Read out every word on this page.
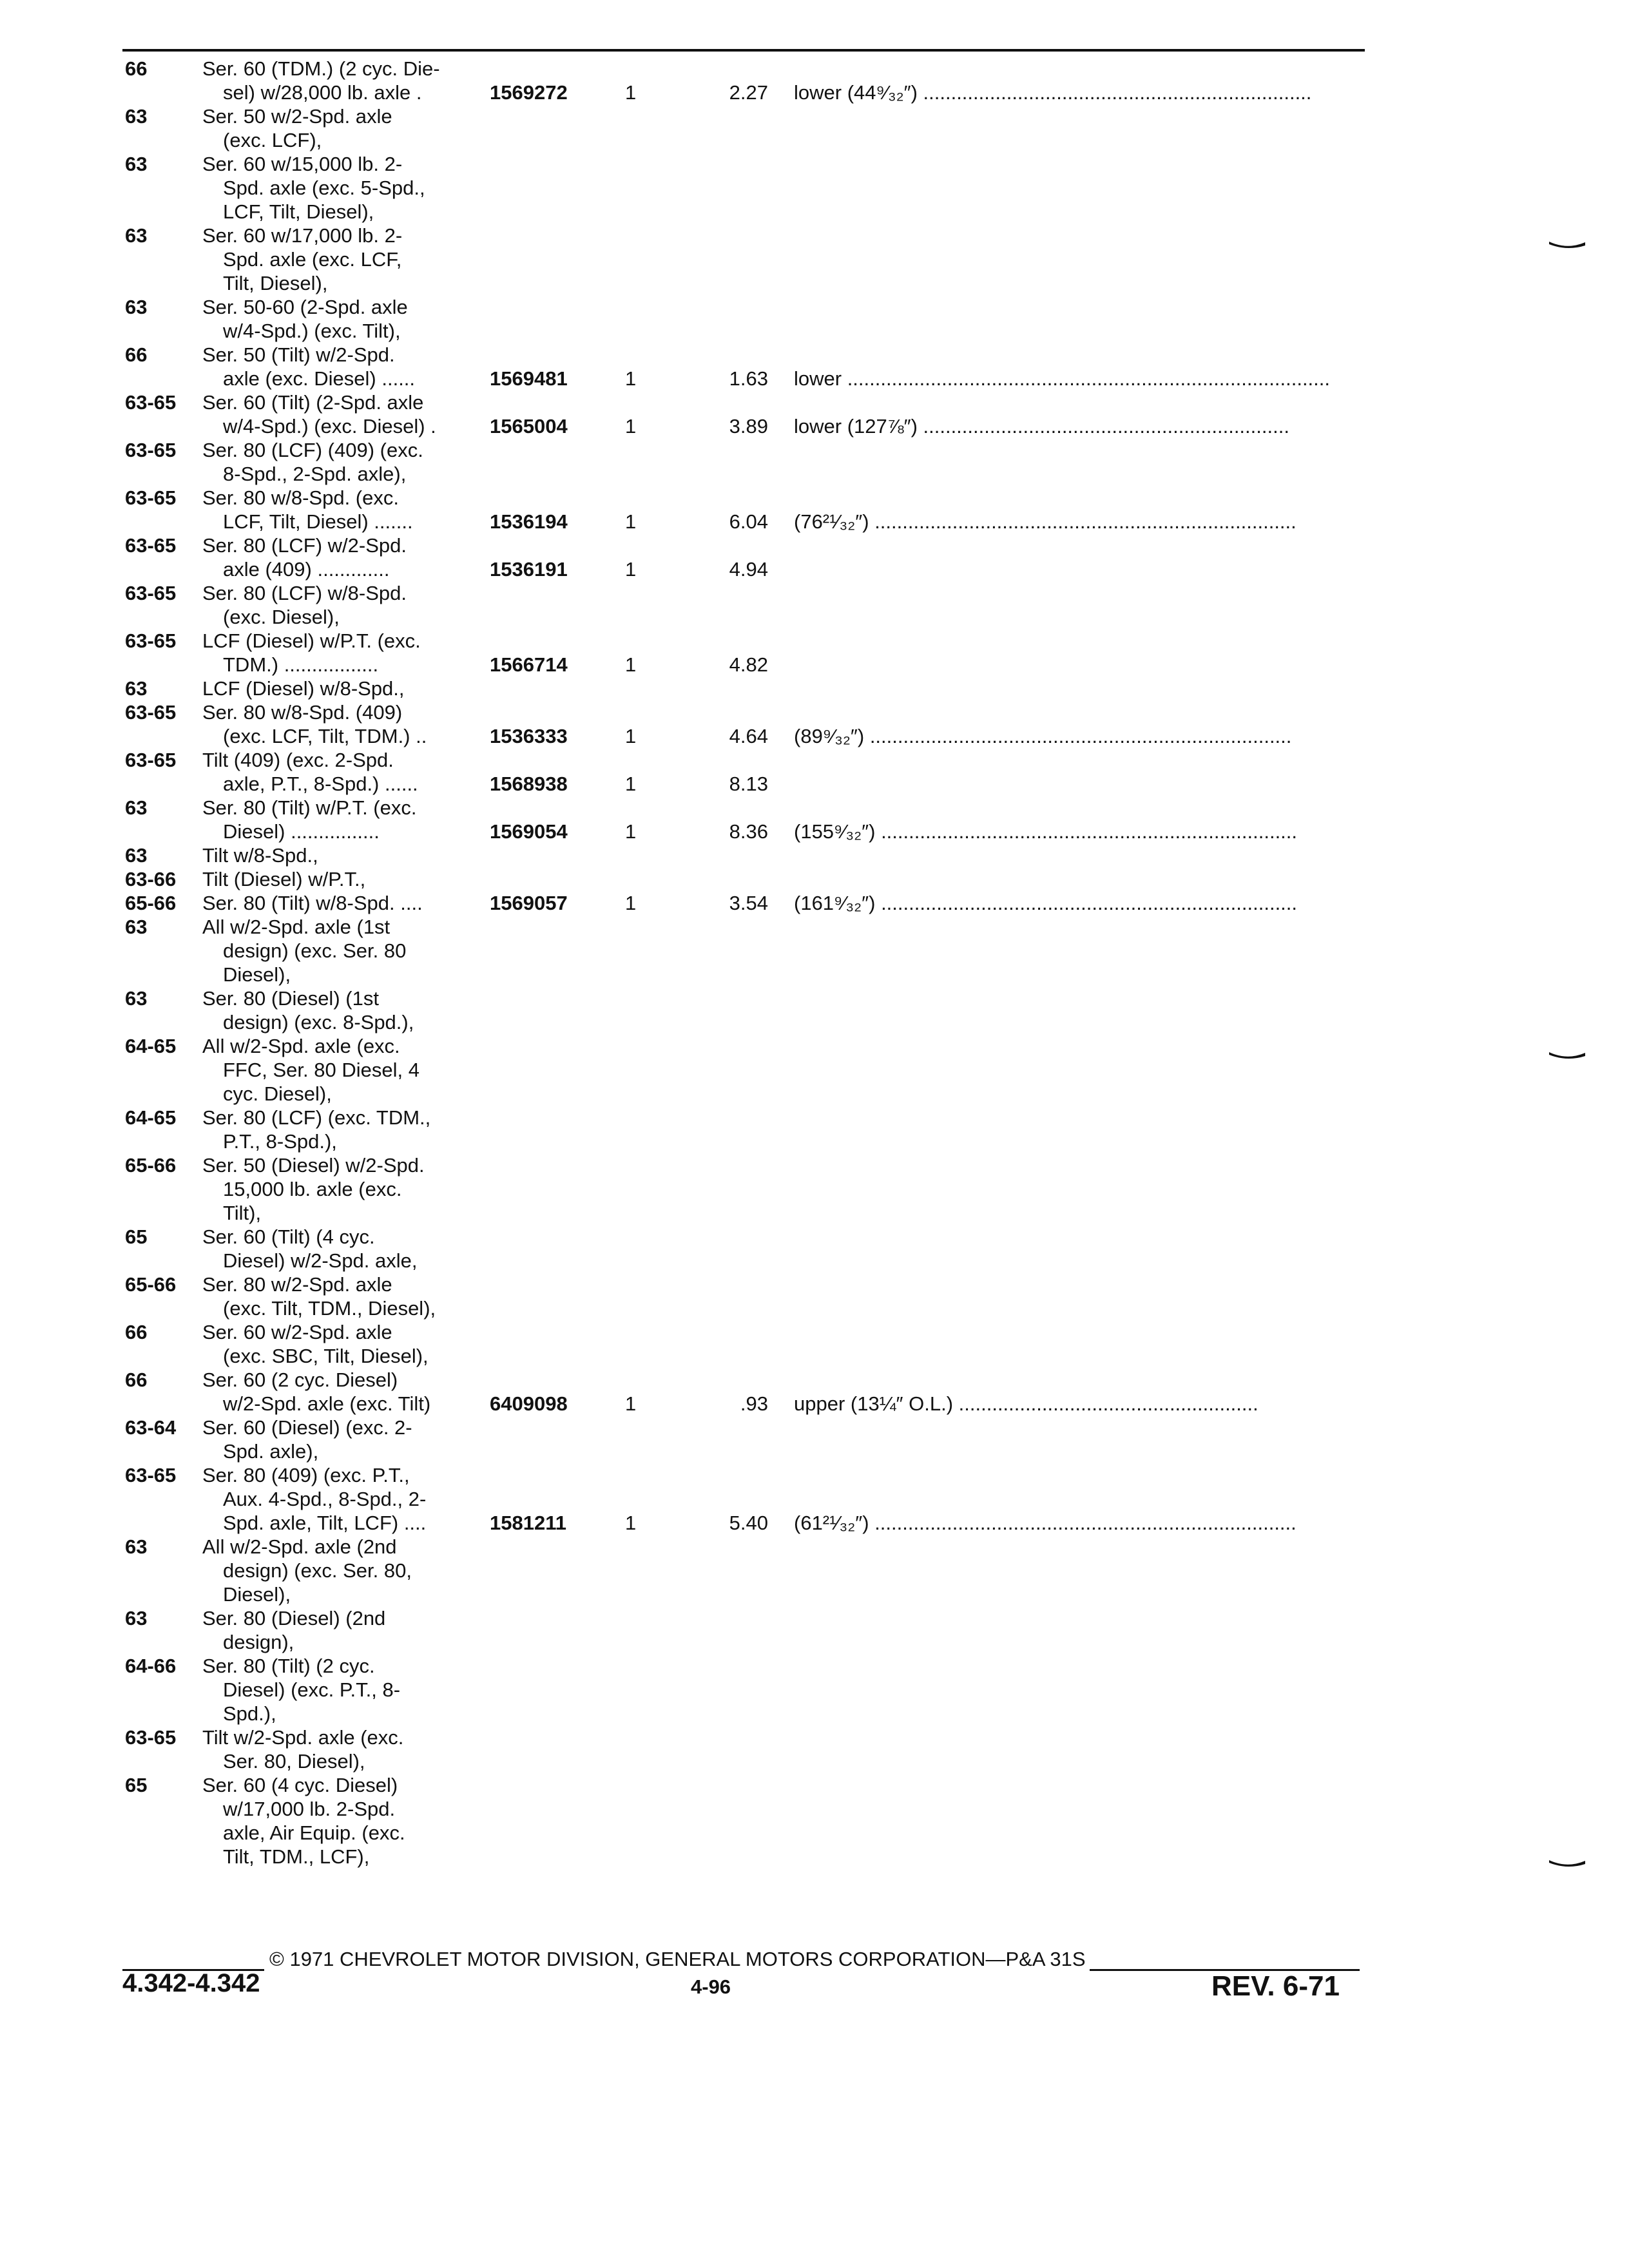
66	Ser. 60 (TDM.) (2 cyc. Die-
sel) w/28,000 lb. axle .	1569272	1	2.27 lower (44⁹⁄₃₂″) ......................................................................
63	Ser. 50 w/2-Spd. axle
(exc. LCF),
63	Ser. 60 w/15,000 lb. 2-
Spd. axle (exc. 5-Spd.,
LCF, Tilt, Diesel),
63	Ser. 60 w/17,000 lb. 2-
Spd. axle (exc. LCF,
Tilt, Diesel),
63	Ser. 50-60 (2-Spd. axle
w/4-Spd.) (exc. Tilt),
66	Ser. 50 (Tilt) w/2-Spd.
axle (exc. Diesel) ......	1569481	1	1.63 lower .......................................................................................
63-65 Ser. 60 (Tilt) (2-Spd. axle
w/4-Spd.) (exc. Diesel) .	1565004	1	3.89 lower (127⅞″) ..................................................................
63-65 Ser. 80 (LCF) (409) (exc.
8-Spd., 2-Spd. axle),
63-65 Ser. 80 w/8-Spd. (exc.
LCF, Tilt, Diesel) .......	1536194	1	6.04 (76²¹⁄₃₂″) ............................................................................
63-65 Ser. 80 (LCF) w/2-Spd.
axle (409) .............	1536191	1	4.94
63-65 Ser. 80 (LCF) w/8-Spd.
(exc. Diesel),
63-65 LCF (Diesel) w/P.T. (exc.
TDM.) .................	1566714	1	4.82
63	LCF (Diesel) w/8-Spd.,
63-65 Ser. 80 w/8-Spd. (409)
(exc. LCF, Tilt, TDM.) ..	1536333	1	4.64 (89⁹⁄₃₂″) ............................................................................
63-65 Tilt (409) (exc. 2-Spd.
axle, P.T., 8-Spd.) ......	1568938	1	8.13
63	Ser. 80 (Tilt) w/P.T. (exc.
Diesel) ................	1569054	1	8.36 (155⁹⁄₃₂″) ...........................................................................
63	Tilt w/8-Spd.,
63-66 Tilt (Diesel) w/P.T.,
65-66 Ser. 80 (Tilt) w/8-Spd. ....	1569057	1	3.54 (161⁹⁄₃₂″) ...........................................................................
63	All w/2-Spd. axle (1st
design) (exc. Ser. 80
Diesel),
63	Ser. 80 (Diesel) (1st
design) (exc. 8-Spd.),
64-65 All w/2-Spd. axle (exc.
FFC, Ser. 80 Diesel, 4
cyc. Diesel),
64-65 Ser. 80 (LCF) (exc. TDM.,
P.T., 8-Spd.),
65-66 Ser. 50 (Diesel) w/2-Spd.
15,000 lb. axle (exc.
Tilt),
65	Ser. 60 (Tilt) (4 cyc.
Diesel) w/2-Spd. axle,
65-66 Ser. 80 w/2-Spd. axle
(exc. Tilt, TDM., Diesel),
66	Ser. 60 w/2-Spd. axle
(exc. SBC, Tilt, Diesel),
66	Ser. 60 (2 cyc. Diesel)
w/2-Spd. axle (exc. Tilt)	6409098	1	.93 upper (13¼″ O.L.) ......................................................
63-64 Ser. 60 (Diesel) (exc. 2-
Spd. axle),
63-65 Ser. 80 (409) (exc. P.T.,
Aux. 4-Spd., 8-Spd., 2-
Spd. axle, Tilt, LCF) ....	1581211	1	5.40 (61²¹⁄₃₂″) ............................................................................
63	All w/2-Spd. axle (2nd
design) (exc. Ser. 80,
Diesel),
63	Ser. 80 (Diesel) (2nd
design),
64-66 Ser. 80 (Tilt) (2 cyc.
Diesel) (exc. P.T., 8-
Spd.),
63-65 Tilt w/2-Spd. axle (exc.
Ser. 80, Diesel),
65	Ser. 60 (4 cyc. Diesel)
w/17,000 lb. 2-Spd.
axle, Air Equip. (exc.
Tilt, TDM., LCF),
© 1971 CHEVROLET MOTOR DIVISION, GENERAL MOTORS CORPORATION—P&A 31S
4.342-4.342	4-96	REV. 6-71
